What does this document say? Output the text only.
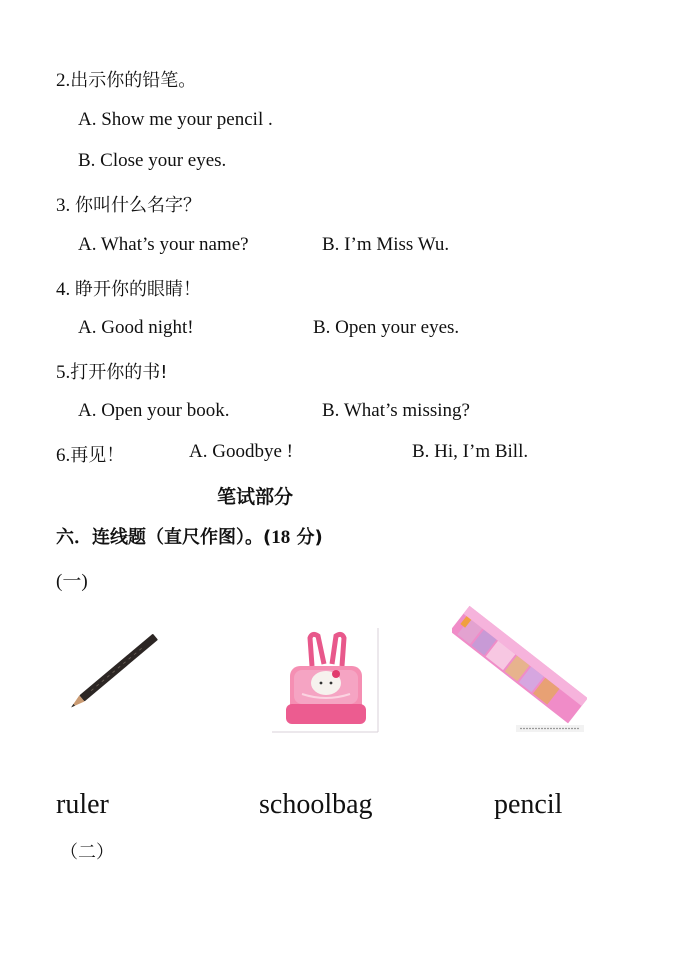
2.出示你的铅笔。
A. Show me your pencil .
B. Close your eyes.
3. 你叫什么名字？
A. What’s your name?	B. I’m Miss Wu.
4. 睁开你的眼睛！
A. Good night!	B. Open your eyes.
5.打开你的书!
A. Open your book.	B. What’s missing?
6.再见！	A. Goodbye !	B. Hi, I’m Bill.
笔试部分
六．连线题（直尺作图）。(18 分)
(一)
ruler	schoolbag	pencil
（二）
